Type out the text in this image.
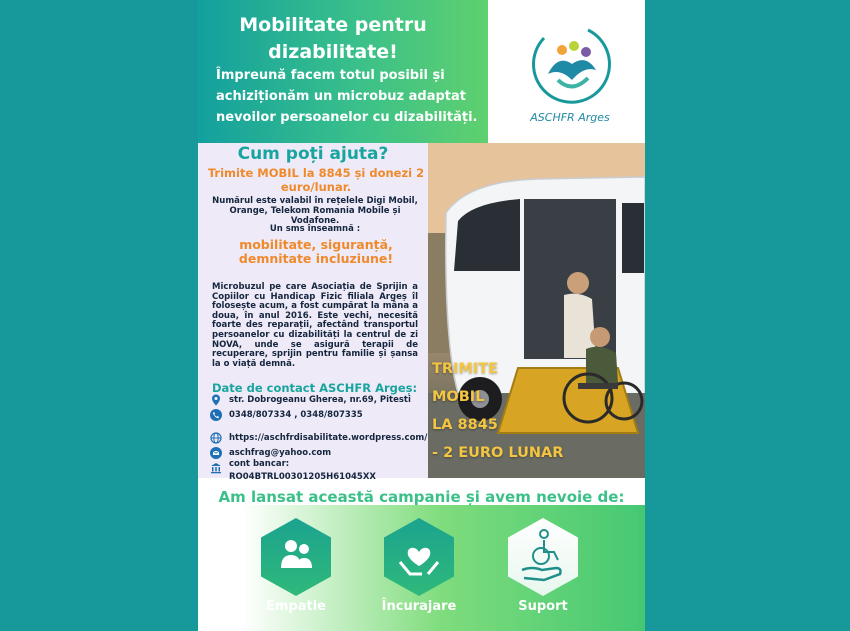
Mobilitate pentru dizabilitate!
Împreună facem totul posibil și achiziționăm un microbuz adaptat nevoilor persoanelor cu dizabilități.	ASCHFR Arges
Cum poți ajuta?
Trimite MOBIL la 8845 și donezi 2 euro/lunar.
Numărul este valabil în rețelele Digi Mobil, Orange, Telekom Romania Mobile și Vodafone.
Un sms înseamnă :
mobilitate, siguranță, demnitate incluziune!
Microbuzul pe care Asociația de Sprijin a Copiilor cu Handicap Fizic filiala Argeș îl folosește acum, a fost cumpărat la mâna a doua, în anul 2016. Este vechi, necesită foarte des reparații, afectând transportul persoanelor cu dizabilități la centrul de zi NOVA, unde se asigură terapii de recuperare, sprijin pentru familie și șansa la o viață demnă.
Date de contact ASCHFR Argeș:
str. Dobrogeanu Gherea, nr.69, Pitesti
0348/807334 , 0348/807335
https://aschfrdisabilitate.wordpress.com/
aschfrag@yahoo.com
cont bancar:
RO04BTRL00301205H61045XX
TRIMITE
MOBIL
LA 8845
- 2 EURO LUNAR
Am lansat această campanie și avem nevoie de:
Empatie	Încurajare	Suport
